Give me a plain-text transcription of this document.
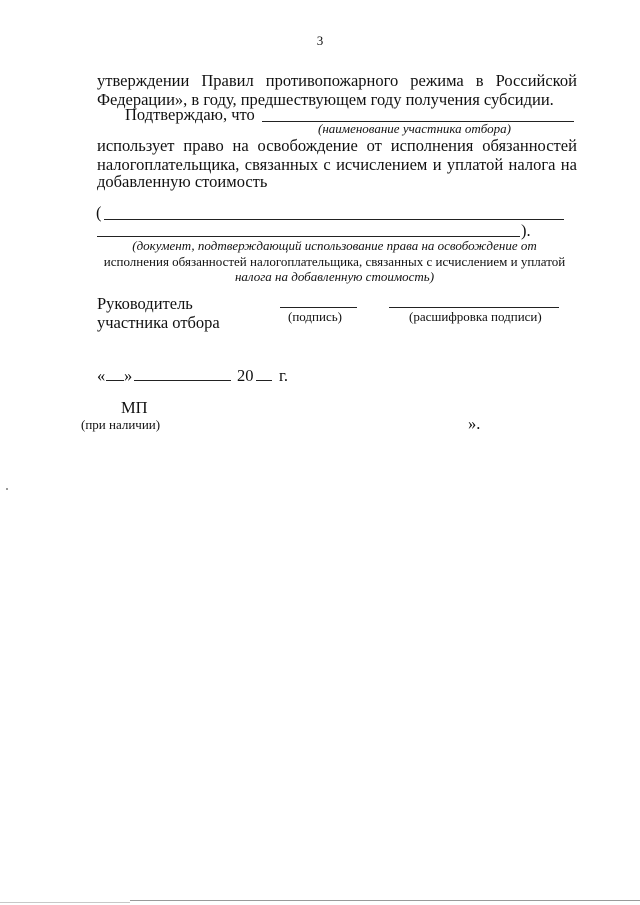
3
утверждении Правил противопожарного режима в Российской
Федерации», в году, предшествующем году получения субсидии.
Подтверждаю, что
(наименование участника отбора)
использует право на освобождение от исполнения обязанностей
налогоплательщика, связанных с исчислением и уплатой налога на
добавленную стоимость
(
).
(документ, подтверждающий использование права на освобождение от
исполнения обязанностей налогоплательщика, связанных с исчислением и уплатой
налога на добавленную стоимость)
Руководитель
участника отбора	(подпись)	(расшифровка подписи)
« »	20 г.
МП
(при наличии)	».
